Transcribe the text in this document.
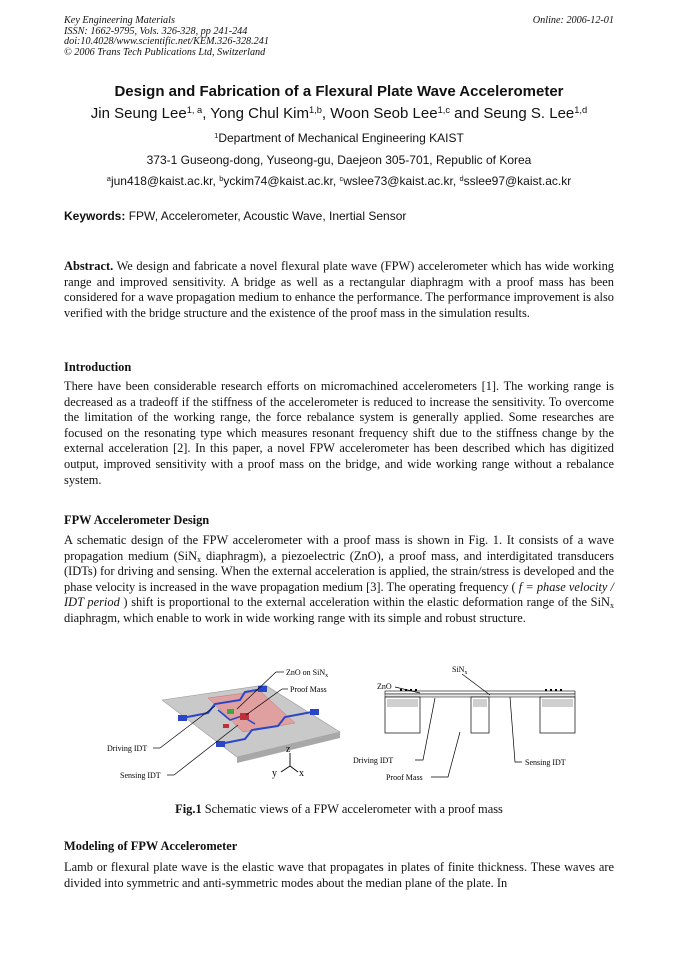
Key Engineering Materials
ISSN: 1662-9795, Vols. 326-328, pp 241-244
doi:10.4028/www.scientific.net/KEM.326-328.241
© 2006 Trans Tech Publications Ltd, Switzerland
Online: 2006-12-01
Design and Fabrication of a Flexural Plate Wave Accelerometer
Jin Seung Lee$^{1, a}$, Yong Chul Kim$^{1,b}$, Woon Seob Lee$^{1,c}$ and Seung S. Lee$^{1,d}$
$^1$Department of Mechanical Engineering KAIST
373-1 Guseong-dong, Yuseong-gu, Daejeon 305-701, Republic of Korea
$^a$jun418@kaist.ac.kr, $^b$yckim74@kaist.ac.kr, $^c$wslee73@kaist.ac.kr, $^d$sslee97@kaist.ac.kr
Keywords: FPW, Accelerometer, Acoustic Wave, Inertial Sensor
Abstract. We design and fabricate a novel flexural plate wave (FPW) accelerometer which has wide working range and improved sensitivity. A bridge as well as a rectangular diaphragm with a proof mass has been considered for a wave propagation medium to enhance the performance. The performance improvement is also verified with the bridge structure and the existence of the proof mass in the simulation results.
Introduction
There have been considerable research efforts on micromachined accelerometers [1]. The working range is decreased as a tradeoff if the stiffness of the accelerometer is reduced to increase the sensitivity. To overcome the limitation of the working range, the force rebalance system is generally applied. Some researches are focused on the resonating type which measures resonant frequency shift due to the stiffness change by the external acceleration [2]. In this paper, a novel FPW accelerometer has been described which has digitized output, improved sensitivity with a proof mass on the bridge, and wide working range without a rebalance system.
FPW Accelerometer Design
A schematic design of the FPW accelerometer with a proof mass is shown in Fig. 1. It consists of a wave propagation medium (SiN$_x$ diaphragm), a piezoelectric (ZnO), a proof mass, and interdigitated transducers (IDTs) for driving and sensing. When the external acceleration is applied, the strain/stress is developed and the phase velocity is increased in the wave propagation medium [3]. The operating frequency ( f = phase velocity / IDT period ) shift is proportional to the external acceleration within the elastic deformation range of the SiN$_x$ diaphragm, which enable to work in wide working range with its simple and robust structure.
ZnO on SiN$_x$
Proof Mass
Driving IDT
Sensing IDT
z
y x
ZnO
SiN$_x$
Driving IDT	Sensing IDT
Proof Mass
Fig.1 Schematic views of a FPW accelerometer with a proof mass
Modeling of FPW Accelerometer
Lamb or flexural plate wave is the elastic wave that propagates in plates of finite thickness. These waves are divided into symmetric and anti-symmetric modes about the median plane of the plate. In
